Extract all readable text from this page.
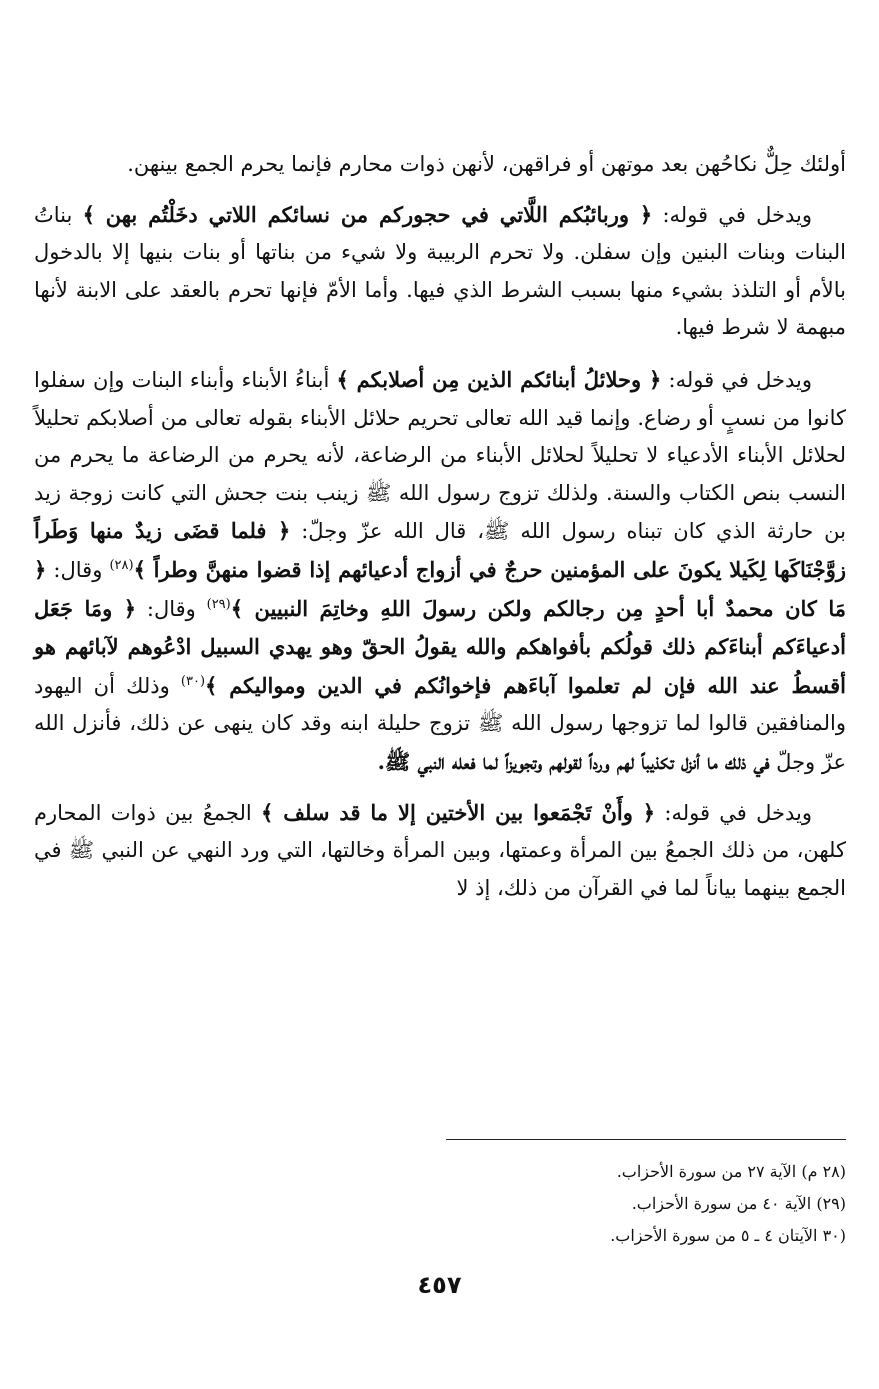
أولئك حِلٌّ نكاحُهن بعد موتهن أو فراقهن، لأنهن ذوات محارم فإنما يحرم الجمع بينهن.

ويدخل في قوله: ﴿ وربائبُكم اللَّاتي في حجوركم من نسائكم اللاتي دخَلْتُم بهن ﴾ بناتُ البنات وبنات البنين وإن سفلن. ولا تحرم الربيبة ولا شيء من بناتها أو بنات بنيها إلا بالدخول بالأم أو التلذذ بشيء منها بسبب الشرط الذي فيها. وأما الأمّ فإنها تحرم بالعقد على الابنة لأنها مبهمة لا شرط فيها.

ويدخل في قوله: ﴿ وحلائلُ أبنائكم الذين مِن أصلابكم ﴾ أبناءُ الأبناء وأبناء البنات وإن سفلوا كانوا من نسبٍ أو رضاع. وإنما قيد الله تعالى تحريم حلائل الأبناء بقوله تعالى من أصلابكم تحليلاً لحلائل الأبناء الأدعياء لا تحليلاً لحلائل الأبناء من الرضاعة، لأنه يحرم من الرضاعة ما يحرم من النسب بنص الكتاب والسنة. ولذلك تزوج رسول الله ﷺ زينب بنت جحش التي كانت زوجة زيد بن حارثة الذي كان تبناه رسول الله ﷺ، قال الله عزّ وجلّ: ﴿ فلما قضَى زيدٌ منها وَطَراً زوَّجْنَاكَها لِكَيلا يكونَ على المؤمنين حرجٌ في أزواج أدعيائهم إذا قضوا منهنَّ وطراً ﴾$^{(٢٨)}$ وقال: ﴿ مَا كان محمدٌ أبا أحدٍ مِن رجالكم ولكن رسولَ اللهِ وخاتِمَ النبيين ﴾$^{(٢٩)}$ وقال: ﴿ ومَا جَعَل أدعياءَكم أبناءَكم ذلك قولُكم بأفواهكم والله يقولُ الحقّ وهو يهدي السبيل ادْعُوهم لآبائهم هو أقسطُ عند الله فإن لم تعلموا آباءَهم فإخوانُكم في الدين ومواليكم ﴾$^{(٣٠)}$ وذلك أن اليهود والمنافقين قالوا لما تزوجها رسول الله ﷺ تزوج حليلة ابنه وقد كان ينهى عن ذلك، فأنزل الله عزّ وجلّ في ذلك ما أنزل تكذيباً لهم ورداً لقولهم وتجويزاً لما فعله النبي ﷺ.

ويدخل في قوله: ﴿ وأَنْ تَجْمَعوا بين الأختين إلا ما قد سلف ﴾ الجمعُ بين ذوات المحارم كلهن، من ذلك الجمعُ بين المرأة وعمتها، وبين المرأة وخالتها، التي ورد النهي عن النبي ﷺ في الجمع بينهما بياناً لما في القرآن من ذلك، إذ لا

(٢٨ م) الآية ٢٧ من سورة الأحزاب.

(٢٩) الآية ٤٠ من سورة الأحزاب.

(٣٠ الآيتان ٤ ـ ٥ من سورة الأحزاب.

٤٥٧
